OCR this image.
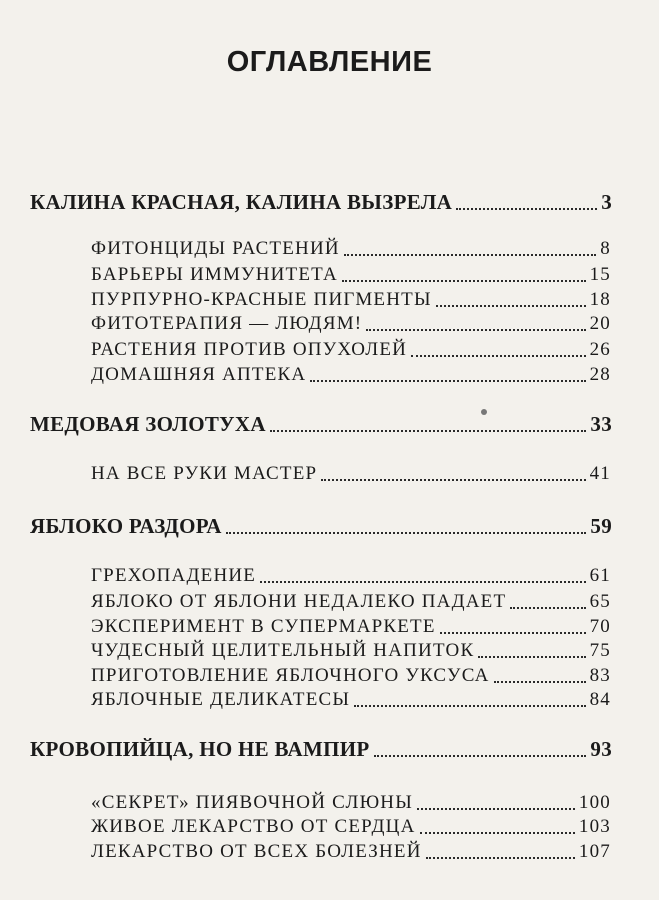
ОГЛАВЛЕНИЕ
КАЛИНА КРАСНАЯ, КАЛИНА ВЫЗРЕЛА	3
ФИТОНЦИДЫ РАСТЕНИЙ	8
БАРЬЕРЫ ИММУНИТЕТА	15
ПУРПУРНО-КРАСНЫЕ ПИГМЕНТЫ	18
ФИТОТЕРАПИЯ — ЛЮДЯМ!	20
РАСТЕНИЯ ПРОТИВ ОПУХОЛЕЙ	26
ДОМАШНЯЯ АПТЕКА	28
МЕДОВАЯ ЗОЛОТУХА	33
НА ВСЕ РУКИ МАСТЕР	41
ЯБЛОКО РАЗДОРА	59
ГРЕХОПАДЕНИЕ	61
ЯБЛОКО ОТ ЯБЛОНИ НЕДАЛЕКО ПАДАЕТ	65
ЭКСПЕРИМЕНТ В СУПЕРМАРКЕТЕ	70
ЧУДЕСНЫЙ ЦЕЛИТЕЛЬНЫЙ НАПИТОК	75
ПРИГОТОВЛЕНИЕ ЯБЛОЧНОГО УКСУСА	83
ЯБЛОЧНЫЕ ДЕЛИКАТЕСЫ	84
КРОВОПИЙЦА, НО НЕ ВАМПИР	93
«СЕКРЕТ» ПИЯВОЧНОЙ СЛЮНЫ	100
ЖИВОЕ ЛЕКАРСТВО ОТ СЕРДЦА	103
ЛЕКАРСТВО ОТ ВСЕХ БОЛЕЗНЕЙ	107
